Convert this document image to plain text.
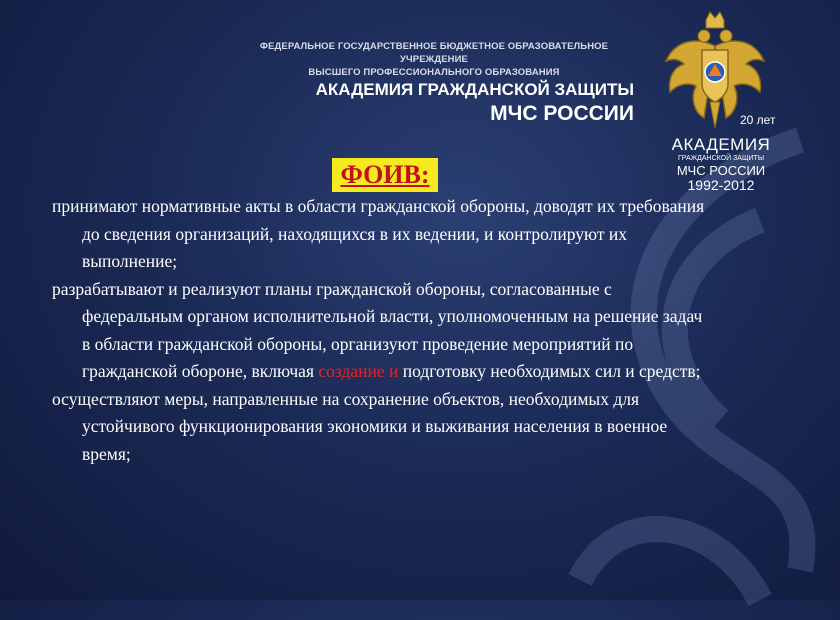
ФЕДЕРАЛЬНОЕ ГОСУДАРСТВЕННОЕ БЮДЖЕТНОЕ ОБРАЗОВАТЕЛЬНОЕ УЧРЕЖДЕНИЕ
ВЫСШЕГО ПРОФЕССИОНАЛЬНОГО ОБРАЗОВАНИЯ
АКАДЕМИЯ ГРАЖДАНСКОЙ ЗАЩИТЫ
МЧС РОССИИ	20 лет
АКАДЕМИЯ
ГРАЖДАНСКОЙ ЗАЩИТЫ
МЧС РОССИИ
1992-2012
ФОИВ:

принимают нормативные акты в области гражданской обороны, доводят их требования до сведения организаций, находящихся в их ведении, и контролируют их выполнение;

разрабатывают и реализуют планы гражданской обороны, согласованные с федеральным органом исполнительной власти, уполномоченным на решение задач в области гражданской обороны, организуют проведение мероприятий по гражданской обороне, включая создание и подготовку необходимых сил и средств;

осуществляют меры, направленные на сохранение объектов, необходимых для устойчивого функционирования экономики и выживания населения в военное время;
